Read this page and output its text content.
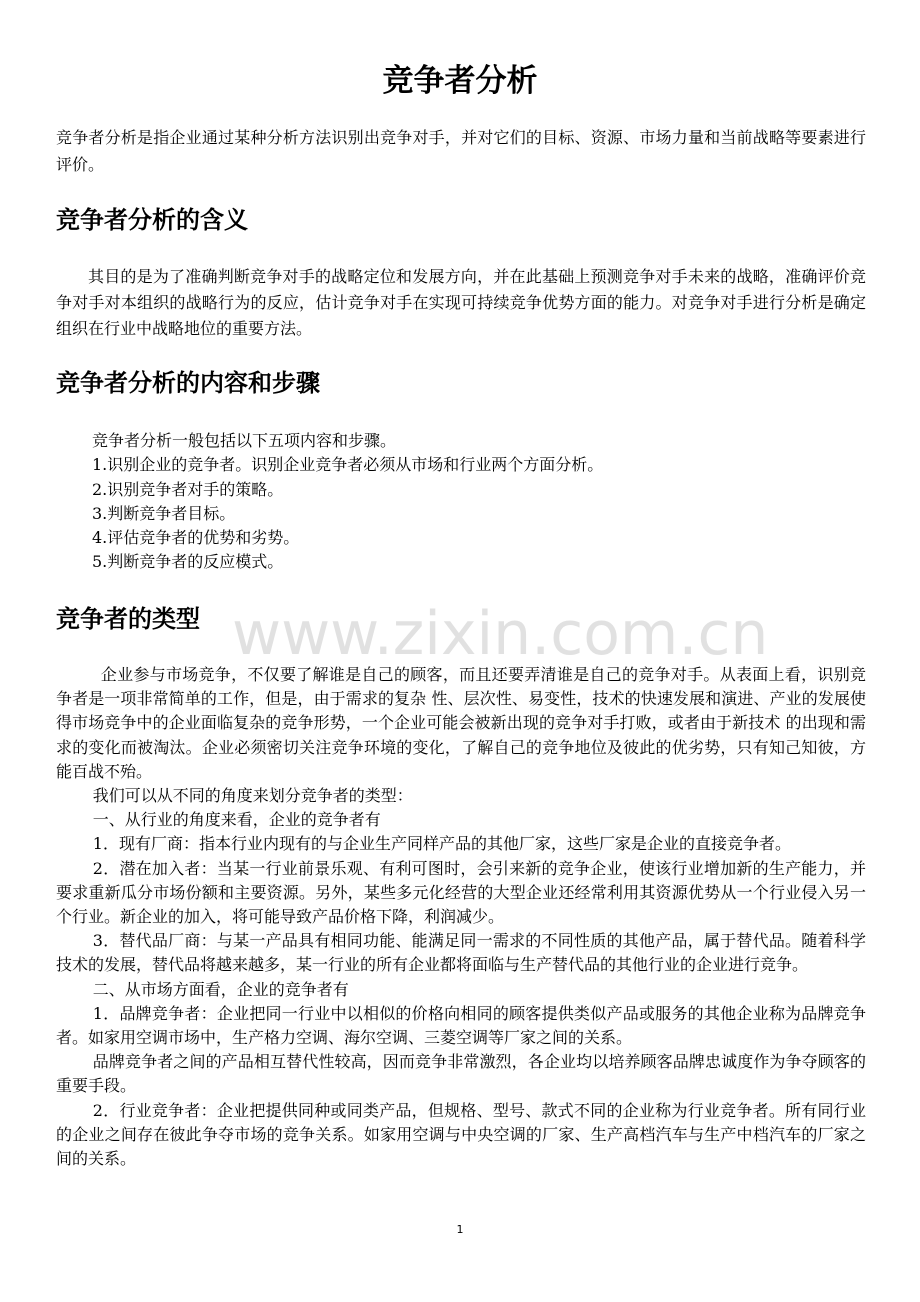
竞争者分析

竞争者分析是指企业通过某种分析方法识别出竞争对手，并对它们的目标、资源、市场力量和当前战略等要素进行评价。

竞争者分析的含义

其目的是为了准确判断竞争对手的战略定位和发展方向，并在此基础上预测竞争对手未来的战略，准确评价竞争对手对本组织的战略行为的反应，估计竞争对手在实现可持续竞争优势方面的能力。对竞争对手进行分析是确定组织在行业中战略地位的重要方法。

竞争者分析的内容和步骤
竞争者分析一般包括以下五项内容和步骤。
1.识别企业的竞争者。识别企业竞争者必须从市场和行业两个方面分析。
2.识别竞争者对手的策略。
3.判断竞争者目标。
4.评估竞争者的优势和劣势。
5.判断竞争者的反应模式。
竞争者的类型 www.zixin.com.cn

企业参与市场竞争，不仅要了解谁是自己的顾客，而且还要弄清谁是自己的竞争对手。从表面上看，识别竞争者是一项非常简单的工作，但是，由于需求的复杂 性、层次性、易变性，技术的快速发展和演进、产业的发展使得市场竞争中的企业面临复杂的竞争形势，一个企业可能会被新出现的竞争对手打败，或者由于新技术 的出现和需求的变化而被淘汰。企业必须密切关注竞争环境的变化，了解自己的竞争地位及彼此的优劣势，只有知己知彼，方能百战不殆。

我们可以从不同的角度来划分竞争者的类型：

一、从行业的角度来看，企业的竞争者有

1．现有厂商：指本行业内现有的与企业生产同样产品的其他厂家，这些厂家是企业的直接竞争者。

2．潜在加入者：当某一行业前景乐观、有利可图时，会引来新的竞争企业，使该行业增加新的生产能力，并要求重新瓜分市场份额和主要资源。另外，某些多元化经营的大型企业还经常利用其资源优势从一个行业侵入另一个行业。新企业的加入，将可能导致产品价格下降，利润减少。

3．替代品厂商：与某一产品具有相同功能、能满足同一需求的不同性质的其他产品，属于替代品。随着科学技术的发展，替代品将越来越多，某一行业的所有企业都将面临与生产替代品的其他行业的企业进行竞争。

二、从市场方面看，企业的竞争者有

1．品牌竞争者：企业把同一行业中以相似的价格向相同的顾客提供类似产品或服务的其他企业称为品牌竞争者。如家用空调市场中，生产格力空调、海尔空调、三菱空调等厂家之间的关系。

品牌竞争者之间的产品相互替代性较高，因而竞争非常激烈，各企业均以培养顾客品牌忠诚度作为争夺顾客的重要手段。

2．行业竞争者：企业把提供同种或同类产品，但规格、型号、款式不同的企业称为行业竞争者。所有同行业的企业之间存在彼此争夺市场的竞争关系。如家用空调与中央空调的厂家、生产高档汽车与生产中档汽车的厂家之间的关系。

1
